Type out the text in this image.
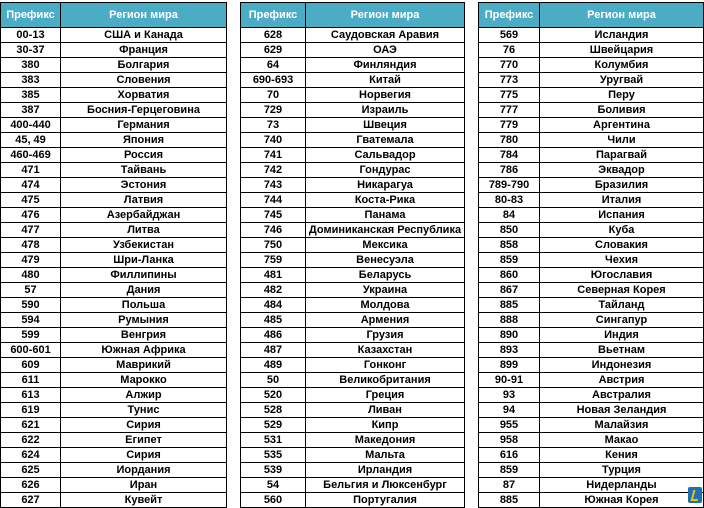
Префикс	Регион мира
00-13	США и Канада
30-37	Франция
380	Болгария
383	Словения
385	Хорватия
387	Босния-Герцеговина
400-440	Германия
45, 49	Япония
460-469	Россия
471	Тайвань
474	Эстония
475	Латвия
476	Азербайджан
477	Литва
478	Узбекистан
479	Шри-Ланка
480	Филлипины
57	Дания
590	Польша
594	Румыния
599	Венгрия
600-601	Южная Африка
609	Маврикий
611	Марокко
613	Алжир
619	Тунис
621	Сирия
622	Египет
624	Сирия
625	Иордания
626	Иран
627	Кувейт
Префикс	Регион мира
628	Саудовская Аравия
629	ОАЭ
64	Финляндия
690-693	Китай
70	Норвегия
729	Израиль
73	Швеция
740	Гватемала
741	Сальвадор
742	Гондурас
743	Никарагуа
744	Коста-Рика
745	Панама
746	Доминиканская Республика
750	Мексика
759	Венесуэла
481	Беларусь
482	Украина
484	Молдова
485	Армения
486	Грузия
487	Казахстан
489	Гонконг
50	Великобритания
520	Греция
528	Ливан
529	Кипр
531	Македония
535	Мальта
539	Ирландия
54	Бельгия и Люксенбург
560	Португалия
Префикс	Регион мира
569	Исландия
76	Швейцария
770	Колумбия
773	Уругвай
775	Перу
777	Боливия
779	Аргентина
780	Чили
784	Парагвай
786	Эквадор
789-790	Бразилия
80-83	Италия
84	Испания
850	Куба
858	Словакия
859	Чехия
860	Югославия
867	Северная Корея
885	Тайланд
888	Сингапур
890	Индия
893	Вьетнам
899	Индонезия
90-91	Австрия
93	Австралия
94	Новая Зеландия
955	Малайзия
958	Макао
616	Кения
859	Турция
87	Нидерланды
885	Южная Корея
